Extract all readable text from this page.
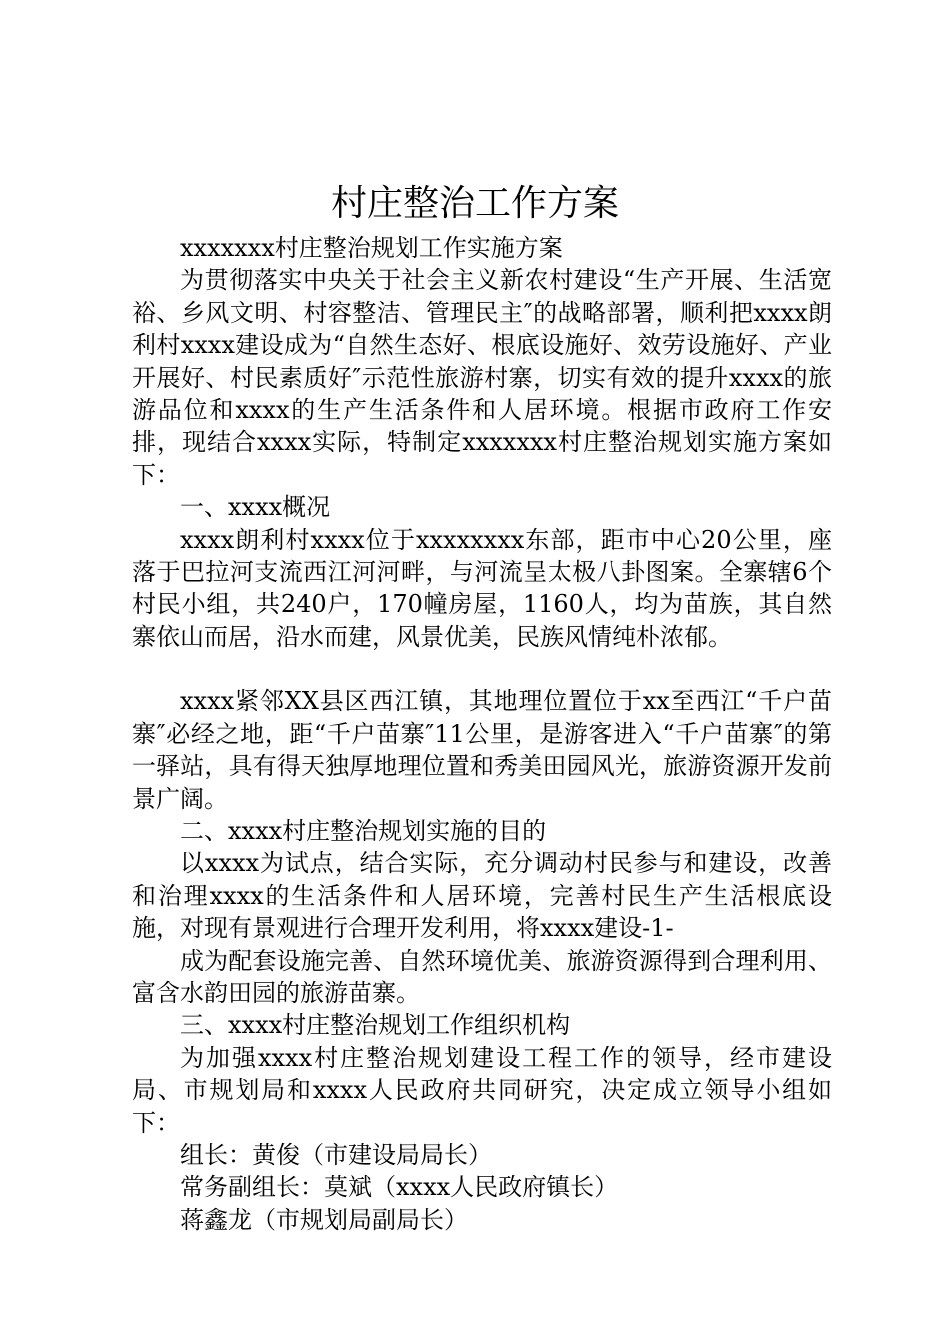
村庄整治工作方案

xxxxxxx村庄整治规划工作实施方案

为贯彻落实中央关于社会主义新农村建设“生产开展、生活宽裕、乡风文明、村容整洁、管理民主″的战略部署，顺利把xxxx朗利村xxxx建设成为“自然生态好、根底设施好、效劳设施好、产业开展好、村民素质好″示范性旅游村寨，切实有效的提升xxxx的旅游品位和xxxx的生产生活条件和人居环境。根据市政府工作安排，现结合xxxx实际，特制定xxxxxxx村庄整治规划实施方案如下：

一、xxxx概况

xxxx朗利村xxxx位于xxxxxxxx东部，距市中心20公里，座落于巴拉河支流西江河河畔，与河流呈太极八卦图案。全寨辖6个村民小组，共240户，170幢房屋，1160人，均为苗族，其自然寨依山而居，沿水而建，风景优美，民族风情纯朴浓郁。

xxxx紧邻XX县区西江镇，其地理位置位于xx至西江“千户苗寨″必经之地，距“千户苗寨″11公里，是游客进入“千户苗寨″的第一驿站，具有得天独厚地理位置和秀美田园风光，旅游资源开发前景广阔。

二、xxxx村庄整治规划实施的目的

以xxxx为试点，结合实际，充分调动村民参与和建设，改善和治理xxxx的生活条件和人居环境，完善村民生产生活根底设施，对现有景观进行合理开发利用，将xxxx建设-1-

成为配套设施完善、自然环境优美、旅游资源得到合理利用、富含水韵田园的旅游苗寨。

三、xxxx村庄整治规划工作组织机构

为加强xxxx村庄整治规划建设工程工作的领导，经市建设局、市规划局和xxxx人民政府共同研究，决定成立领导小组如下：

组长：黄俊（市建设局局长）

常务副组长：莫斌（xxxx人民政府镇长）

蒋鑫龙（市规划局副局长）
